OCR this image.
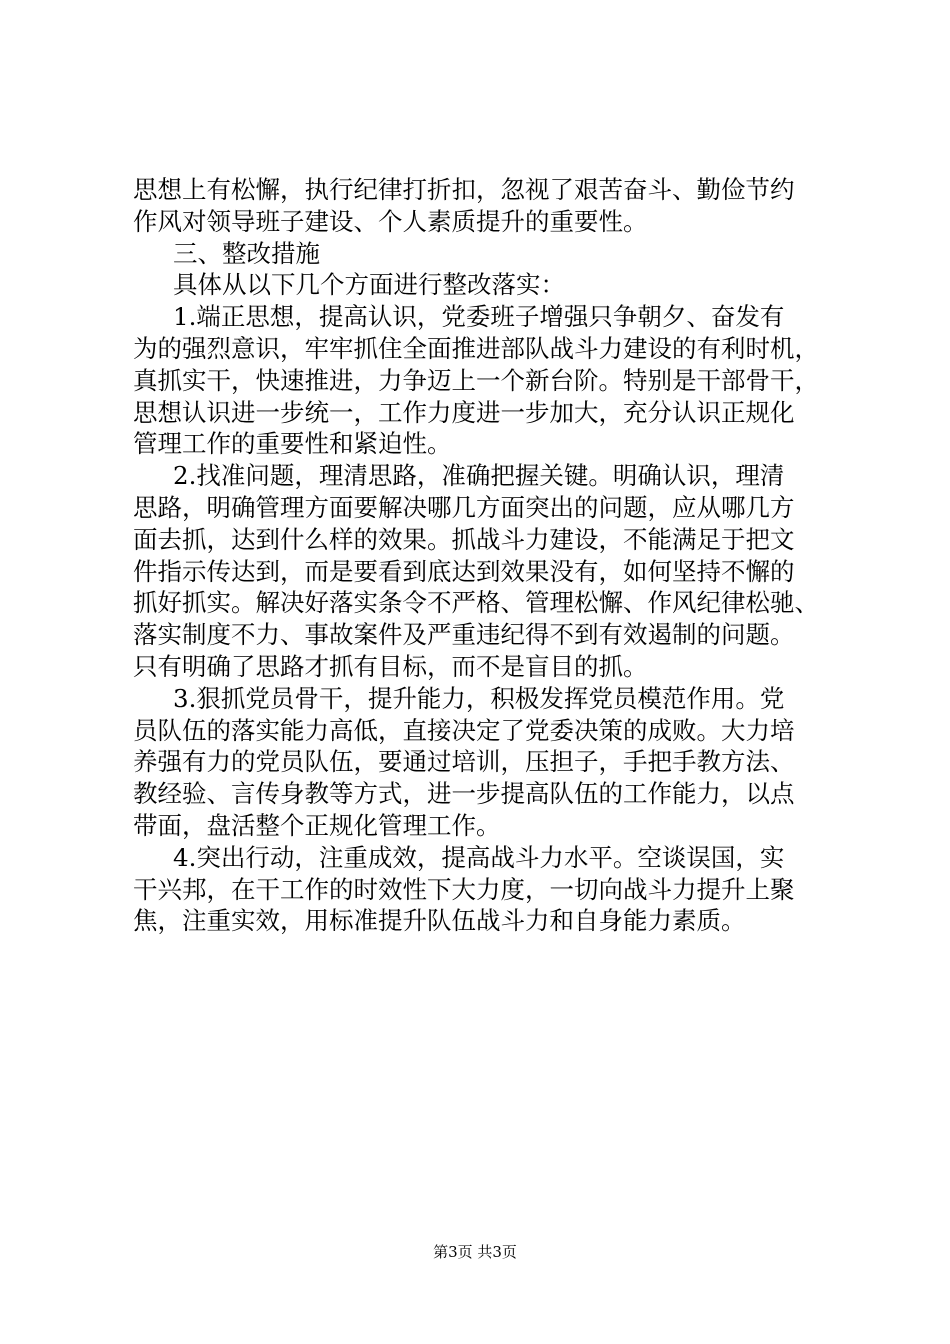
思想上有松懈，执行纪律打折扣，忽视了艰苦奋斗、勤俭节约
作风对领导班子建设、个人素质提升的重要性。
三、整改措施
具体从以下几个方面进行整改落实：
1.端正思想，提高认识，党委班子增强只争朝夕、奋发有
为的强烈意识，牢牢抓住全面推进部队战斗力建设的有利时机，
真抓实干，快速推进，力争迈上一个新台阶。特别是干部骨干，
思想认识进一步统一，工作力度进一步加大，充分认识正规化
管理工作的重要性和紧迫性。
2.找准问题，理清思路，准确把握关键。明确认识，理清
思路，明确管理方面要解决哪几方面突出的问题，应从哪几方
面去抓，达到什么样的效果。抓战斗力建设，不能满足于把文
件指示传达到，而是要看到底达到效果没有，如何坚持不懈的
抓好抓实。解决好落实条令不严格、管理松懈、作风纪律松驰、
落实制度不力、事故案件及严重违纪得不到有效遏制的问题。
只有明确了思路才抓有目标，而不是盲目的抓。
3.狠抓党员骨干，提升能力，积极发挥党员模范作用。党
员队伍的落实能力高低，直接决定了党委决策的成败。大力培
养强有力的党员队伍，要通过培训，压担子，手把手教方法、
教经验、言传身教等方式，进一步提高队伍的工作能力，以点
带面，盘活整个正规化管理工作。
4.突出行动，注重成效，提高战斗力水平。空谈误国，实
干兴邦，在干工作的时效性下大力度，一切向战斗力提升上聚
焦，注重实效，用标准提升队伍战斗力和自身能力素质。
第3页 共3页
